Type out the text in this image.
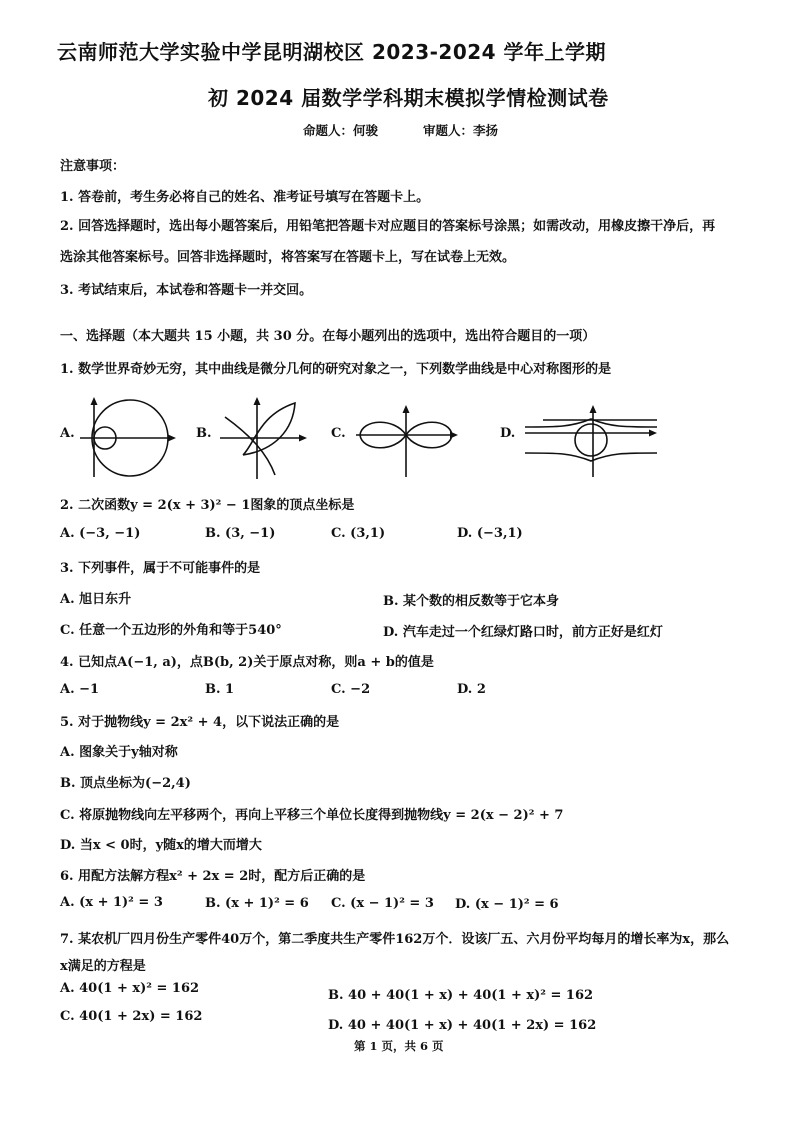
云南师范大学实验中学昆明湖校区 2023-2024 学年上学期
初 2024 届数学学科期末模拟学情检测试卷
命题人：何骏	审题人：李扬
注意事项：
1. 答卷前，考生务必将自己的姓名、准考证号填写在答题卡上。
2. 回答选择题时，选出每小题答案后，用铅笔把答题卡对应题目的答案标号涂黑；如需改动，用橡皮擦干净后，再
选涂其他答案标号。回答非选择题时，将答案写在答题卡上，写在试卷上无效。
3. 考试结束后，本试卷和答题卡一并交回。
一、选择题（本大题共 15 小题，共 30 分。在每小题列出的选项中，选出符合题目的一项）
1. 数学世界奇妙无穷，其中曲线是微分几何的研究对象之一，下列数学曲线是中心对称图形的是
A.	B.	C.	D.
2. 二次函数y = 2(x + 3)² − 1图象的顶点坐标是
A. (−3, −1)	B. (3, −1)	C. (3,1)	D. (−3,1)
3. 下列事件，属于不可能事件的是
A. 旭日东升	B. 某个数的相反数等于它本身
C. 任意一个五边形的外角和等于540°	D. 汽车走过一个红绿灯路口时，前方正好是红灯
4. 已知点A(−1, a)，点B(b, 2)关于原点对称，则a + b的值是
A. −1	B. 1	C. −2	D. 2
5. 对于抛物线y = 2x² + 4，以下说法正确的是
A. 图象关于y轴对称
B. 顶点坐标为(−2,4)
C. 将原抛物线向左平移两个，再向上平移三个单位长度得到抛物线y = 2(x − 2)² + 7
D. 当x < 0时，y随x的增大而增大
6. 用配方法解方程x² + 2x = 2时，配方后正确的是
A. (x + 1)² = 3	B. (x + 1)² = 6 C. (x − 1)² = 3 D. (x − 1)² = 6
7. 某农机厂四月份生产零件40万个，第二季度共生产零件162万个．设该厂五、六月份平均每月的增长率为x，那么
x满足的方程是
A. 40(1 + x)² = 162	B. 40 + 40(1 + x) + 40(1 + x)² = 162
C. 40(1 + 2x) = 162
D. 40 + 40(1 + x) + 40(1 + 2x) = 162
第 1 页，共 6 页
